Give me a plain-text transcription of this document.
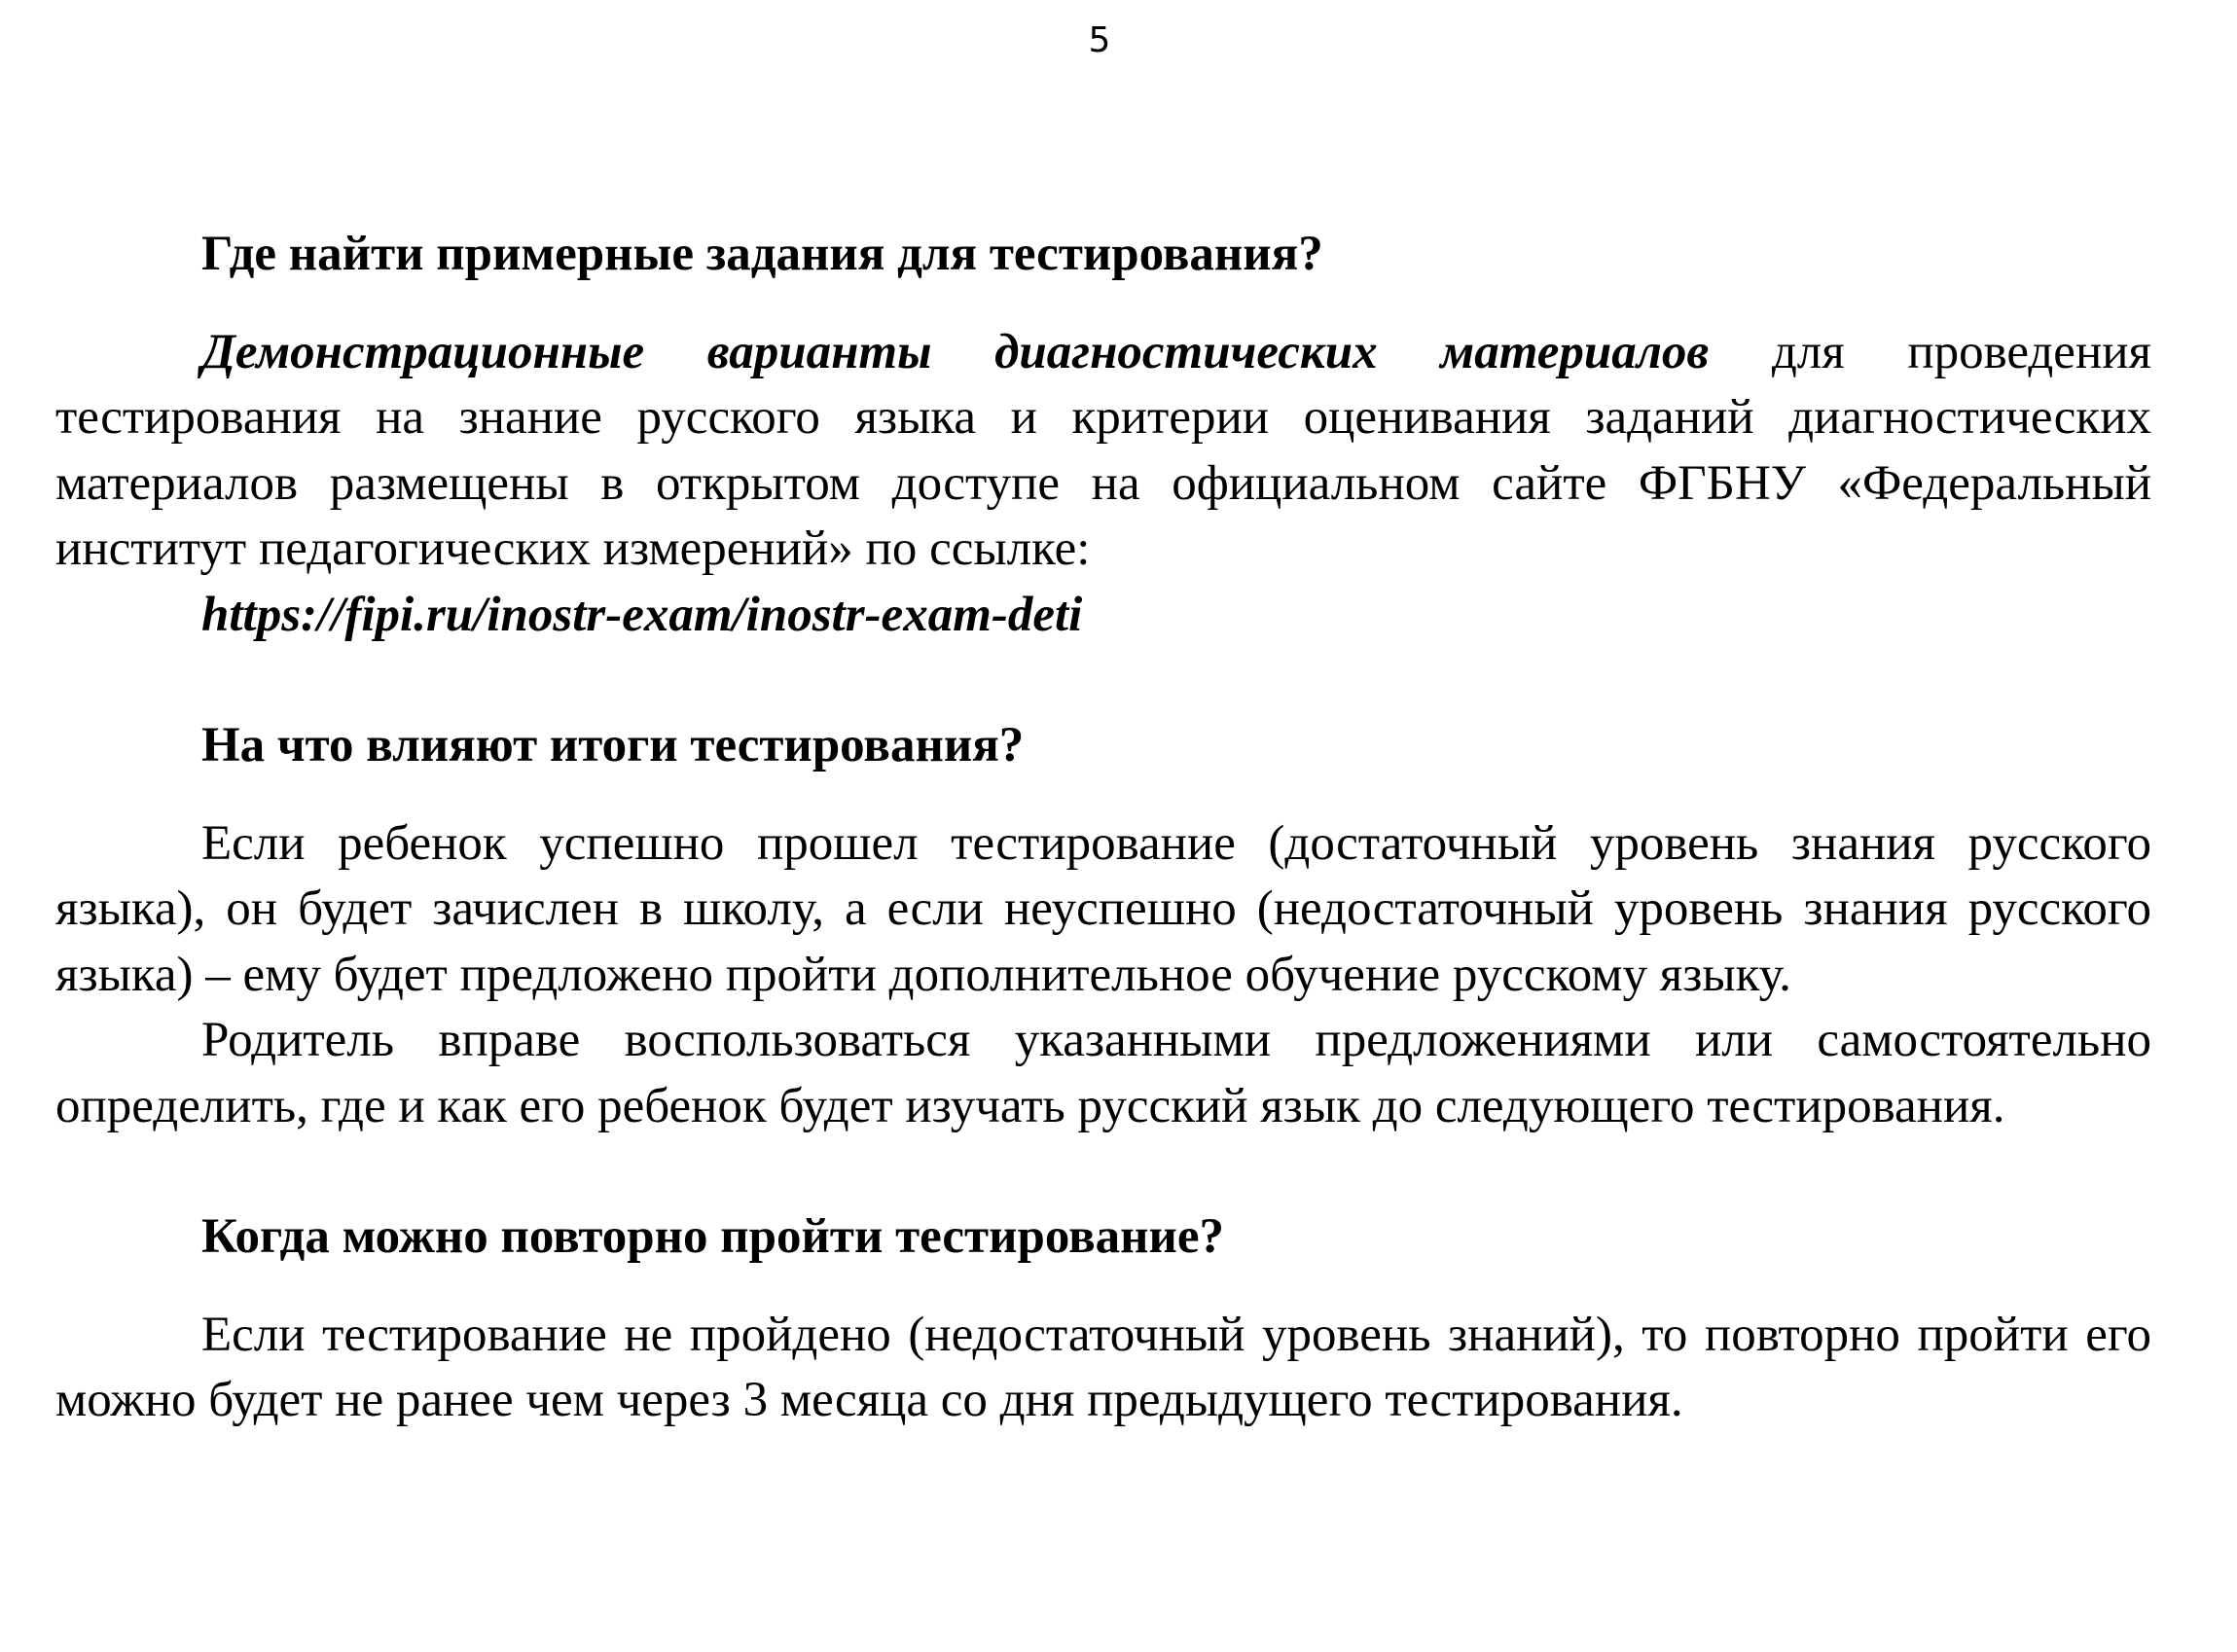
5
Где найти примерные задания для тестирования?

Демонстрационные варианты диагностических материалов для проведения тестирования на знание русского языка и критерии оценивания заданий диагностических материалов размещены в открытом доступе на официальном сайте ФГБНУ «Федеральный институт педагогических измерений» по ссылке:
https://fipi.ru/inostr-exam/inostr-exam-deti

На что влияют итоги тестирования?

Если ребенок успешно прошел тестирование (достаточный уровень знания русского языка), он будет зачислен в школу, а если неуспешно (недостаточный уровень знания русского языка) – ему будет предложено пройти дополнительное обучение русскому языку.

Родитель вправе воспользоваться указанными предложениями или самостоятельно определить, где и как его ребенок будет изучать русский язык до следующего тестирования.

Когда можно повторно пройти тестирование?

Если тестирование не пройдено (недостаточный уровень знаний), то повторно пройти его можно будет не ранее чем через 3 месяца со дня предыдущего тестирования.
